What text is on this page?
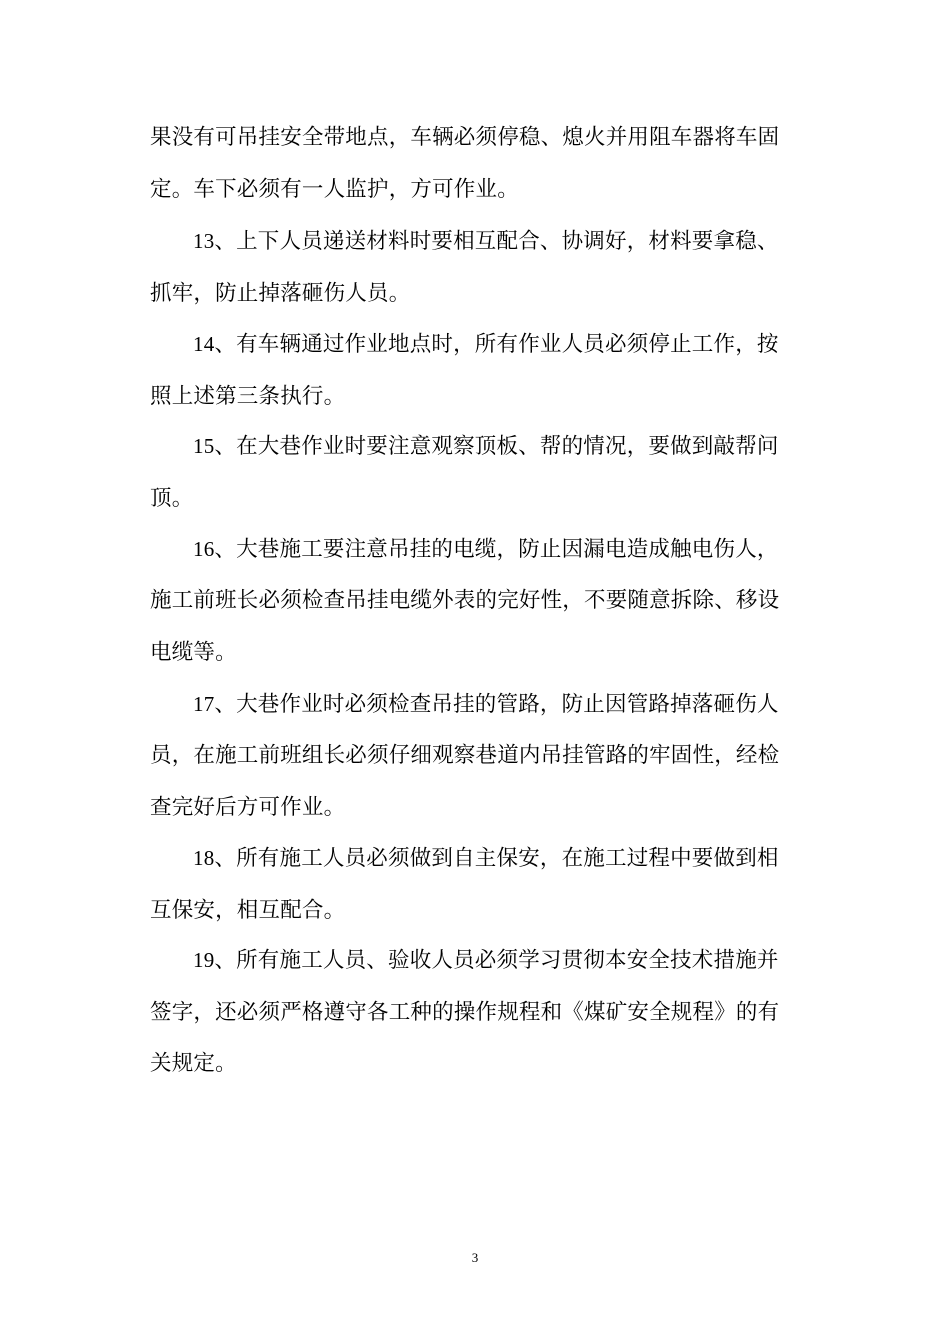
果没有可吊挂安全带地点，车辆必须停稳、熄火并用阻车器将车固
定。车下必须有一人监护，方可作业。
13、上下人员递送材料时要相互配合、协调好，材料要拿稳、
抓牢，防止掉落砸伤人员。
14、有车辆通过作业地点时，所有作业人员必须停止工作，按
照上述第三条执行。
15、在大巷作业时要注意观察顶板、帮的情况，要做到敲帮问
顶。
16、大巷施工要注意吊挂的电缆，防止因漏电造成触电伤人，
施工前班长必须检查吊挂电缆外表的完好性，不要随意拆除、移设
电缆等。
17、大巷作业时必须检查吊挂的管路，防止因管路掉落砸伤人
员，在施工前班组长必须仔细观察巷道内吊挂管路的牢固性，经检
查完好后方可作业。
18、所有施工人员必须做到自主保安，在施工过程中要做到相
互保安，相互配合。
19、所有施工人员、验收人员必须学习贯彻本安全技术措施并
签字，还必须严格遵守各工种的操作规程和《煤矿安全规程》的有
关规定。
3
